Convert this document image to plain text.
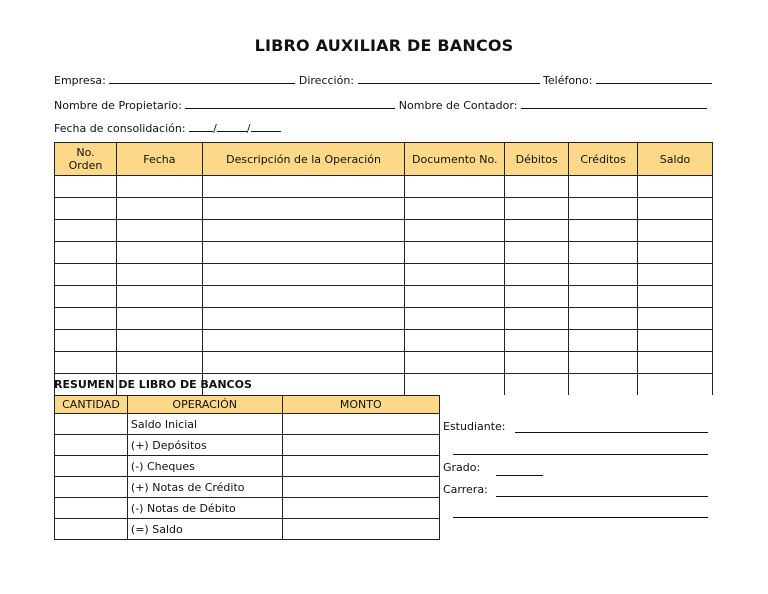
LIBRO AUXILIAR DE BANCOS
Empresa:	Dirección:	Teléfono:
Nombre de Propietario:	Nombre de Contador:
Fecha de consolidación:	/	/
No. Orden	Fecha	Descripción de la Operación	Documento No.	Débitos	Créditos	Saldo

RESUMEN DE LIBRO DE BANCOS
CANTIDAD	OPERACIÓN	MONTO
	Saldo Inicial	
	(+) Depósitos	
	(-) Cheques	
	(+) Notas de Crédito	
	(-) Notas de Débito	
	(=) Saldo	
Estudiante:
Grado:
Carrera:
